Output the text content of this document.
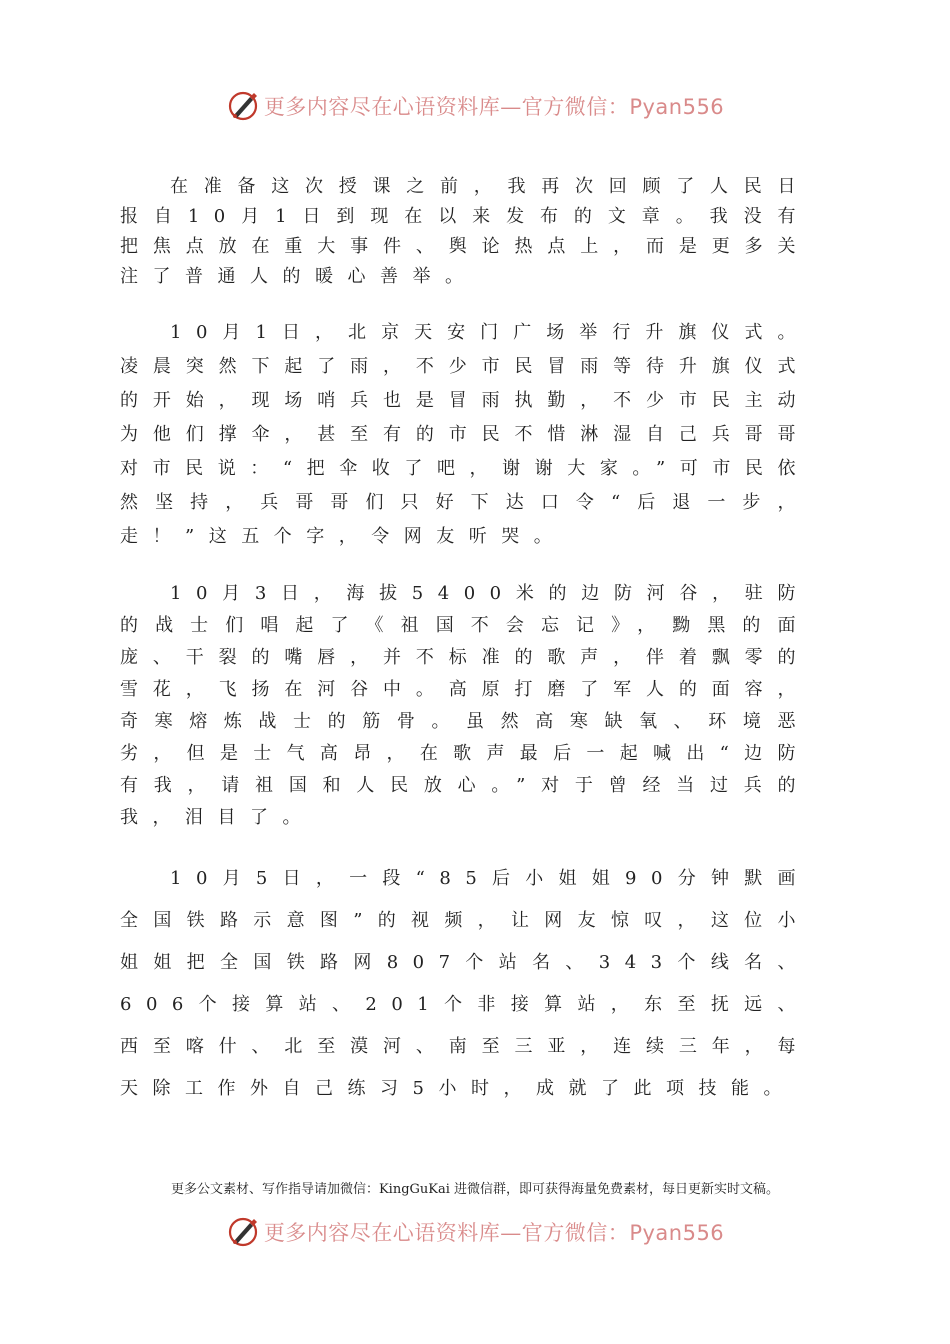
更多内容尽在心语资料库—官方微信：Pyan556

在准备这次授课之前，我再次回顾了人民日报自10月1日到现在以来发布的文章。我没有把焦点放在重大事件、舆论热点上，而是更多关注了普通人的暖心善举。

10月1日，北京天安门广场举行升旗仪式。凌晨突然下起了雨，不少市民冒雨等待升旗仪式的开始，现场哨兵也是冒雨执勤，不少市民主动为他们撑伞，甚至有的市民不惜淋湿自己兵哥哥对市民说：“把伞收了吧，谢谢大家。”可市民依然坚持，兵哥哥们只好下达口令“后退一步，走！”这五个字，令网友听哭。

10月3日，海拔5400米的边防河谷，驻防的战士们唱起了《祖国不会忘记》，黝黑的面庞、干裂的嘴唇，并不标准的歌声，伴着飘零的雪花，飞扬在河谷中。高原打磨了军人的面容，奇寒熔炼战士的筋骨。虽然高寒缺氧、环境恶劣，但是士气高昂，在歌声最后一起喊出“边防有我，请祖国和人民放心。”对于曾经当过兵的我，泪目了。

10月5日，一段“85后小姐姐90分钟默画全国铁路示意图”的视频，让网友惊叹，这位小姐姐把全国铁路网807个站名、343个线名、606个接算站、201个非接算站，东至抚远、西至喀什、北至漠河、南至三亚，连续三年，每天除工作外自己练习5小时，成就了此项技能。

更多公文素材、写作指导请加微信：KingGuKai 进微信群，即可获得海量免费素材，每日更新实时文稿。
更多内容尽在心语资料库—官方微信：Pyan556
